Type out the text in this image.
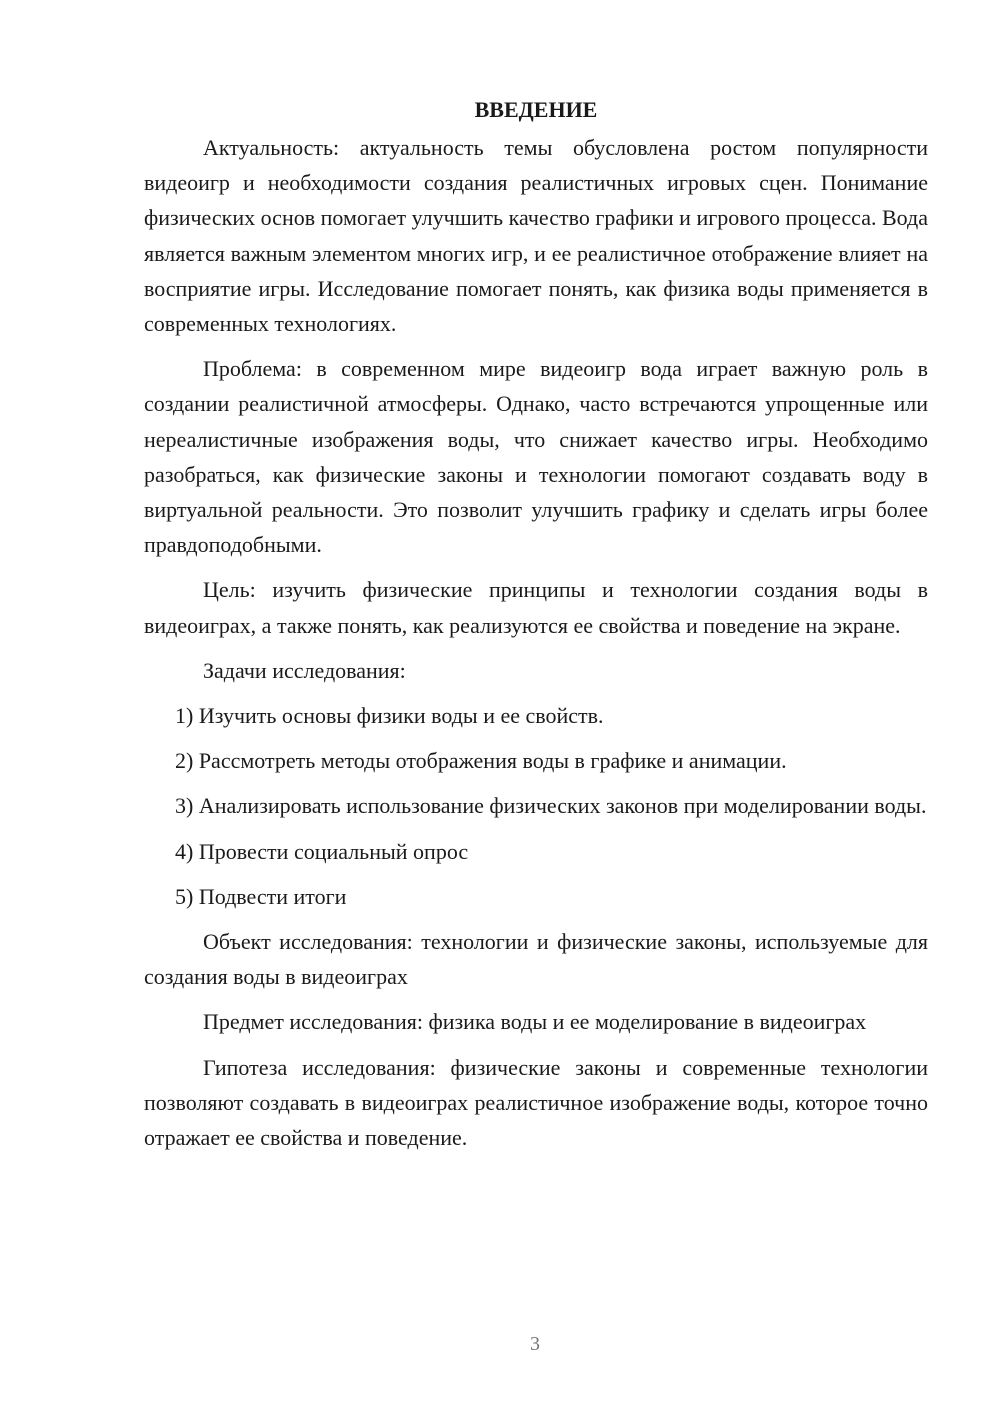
ВВЕДЕНИЕ

Актуальность: актуальность темы обусловлена ростом популярности видеоигр и необходимости создания реалистичных игровых сцен. Понимание физических основ помогает улучшить качество графики и игрового процесса. Вода является важным элементом многих игр, и ее реалистичное отображение влияет на восприятие игры. Исследование помогает понять, как физика воды применяется в современных технологиях.

Проблема: в современном мире видеоигр вода играет важную роль в создании реалистичной атмосферы. Однако, часто встречаются упрощенные или нереалистичные изображения воды, что снижает качество игры. Необходимо разобраться, как физические законы и технологии помогают создавать воду в виртуальной реальности. Это позволит улучшить графику и сделать игры более правдоподобными.

Цель: изучить физические принципы и технологии создания воды в видеоиграх, а также понять, как реализуются ее свойства и поведение на экране.

Задачи исследования:

1) Изучить основы физики воды и ее свойств.

2) Рассмотреть методы отображения воды в графике и анимации.

3) Анализировать использование физических законов при моделировании воды.

4) Провести социальный опрос

5) Подвести итоги

Объект исследования: технологии и физические законы, используемые для создания воды в видеоиграх

Предмет исследования: физика воды и ее моделирование в видеоиграх

Гипотеза исследования: физические законы и современные технологии позволяют создавать в видеоиграх реалистичное изображение воды, которое точно отражает ее свойства и поведение.

3
